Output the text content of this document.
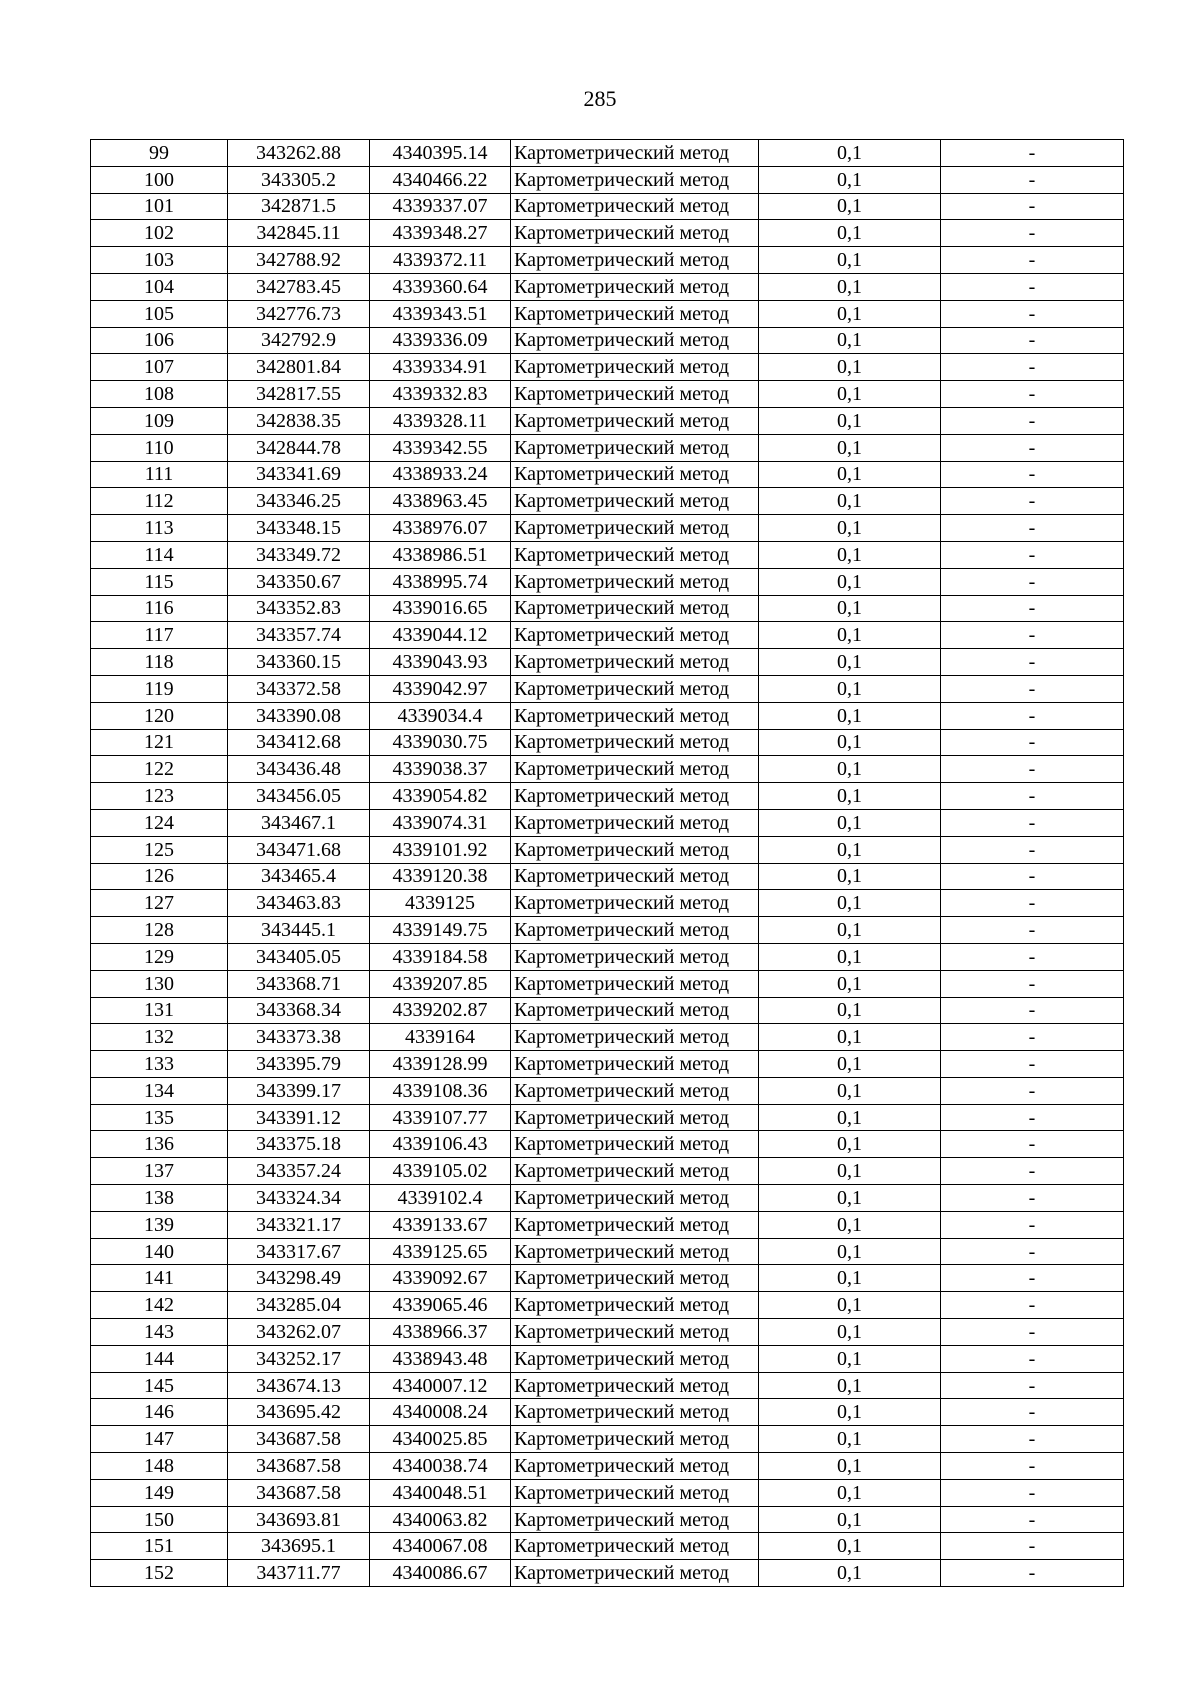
285
99	343262.88	4340395.14	Картометрический метод	0,1	-
100	343305.2	4340466.22	Картометрический метод	0,1	-
101	342871.5	4339337.07	Картометрический метод	0,1	-
102	342845.11	4339348.27	Картометрический метод	0,1	-
103	342788.92	4339372.11	Картометрический метод	0,1	-
104	342783.45	4339360.64	Картометрический метод	0,1	-
105	342776.73	4339343.51	Картометрический метод	0,1	-
106	342792.9	4339336.09	Картометрический метод	0,1	-
107	342801.84	4339334.91	Картометрический метод	0,1	-
108	342817.55	4339332.83	Картометрический метод	0,1	-
109	342838.35	4339328.11	Картометрический метод	0,1	-
110	342844.78	4339342.55	Картометрический метод	0,1	-
111	343341.69	4338933.24	Картометрический метод	0,1	-
112	343346.25	4338963.45	Картометрический метод	0,1	-
113	343348.15	4338976.07	Картометрический метод	0,1	-
114	343349.72	4338986.51	Картометрический метод	0,1	-
115	343350.67	4338995.74	Картометрический метод	0,1	-
116	343352.83	4339016.65	Картометрический метод	0,1	-
117	343357.74	4339044.12	Картометрический метод	0,1	-
118	343360.15	4339043.93	Картометрический метод	0,1	-
119	343372.58	4339042.97	Картометрический метод	0,1	-
120	343390.08	4339034.4	Картометрический метод	0,1	-
121	343412.68	4339030.75	Картометрический метод	0,1	-
122	343436.48	4339038.37	Картометрический метод	0,1	-
123	343456.05	4339054.82	Картометрический метод	0,1	-
124	343467.1	4339074.31	Картометрический метод	0,1	-
125	343471.68	4339101.92	Картометрический метод	0,1	-
126	343465.4	4339120.38	Картометрический метод	0,1	-
127	343463.83	4339125	Картометрический метод	0,1	-
128	343445.1	4339149.75	Картометрический метод	0,1	-
129	343405.05	4339184.58	Картометрический метод	0,1	-
130	343368.71	4339207.85	Картометрический метод	0,1	-
131	343368.34	4339202.87	Картометрический метод	0,1	-
132	343373.38	4339164	Картометрический метод	0,1	-
133	343395.79	4339128.99	Картометрический метод	0,1	-
134	343399.17	4339108.36	Картометрический метод	0,1	-
135	343391.12	4339107.77	Картометрический метод	0,1	-
136	343375.18	4339106.43	Картометрический метод	0,1	-
137	343357.24	4339105.02	Картометрический метод	0,1	-
138	343324.34	4339102.4	Картометрический метод	0,1	-
139	343321.17	4339133.67	Картометрический метод	0,1	-
140	343317.67	4339125.65	Картометрический метод	0,1	-
141	343298.49	4339092.67	Картометрический метод	0,1	-
142	343285.04	4339065.46	Картометрический метод	0,1	-
143	343262.07	4338966.37	Картометрический метод	0,1	-
144	343252.17	4338943.48	Картометрический метод	0,1	-
145	343674.13	4340007.12	Картометрический метод	0,1	-
146	343695.42	4340008.24	Картометрический метод	0,1	-
147	343687.58	4340025.85	Картометрический метод	0,1	-
148	343687.58	4340038.74	Картометрический метод	0,1	-
149	343687.58	4340048.51	Картометрический метод	0,1	-
150	343693.81	4340063.82	Картометрический метод	0,1	-
151	343695.1	4340067.08	Картометрический метод	0,1	-
152	343711.77	4340086.67	Картометрический метод	0,1	-
